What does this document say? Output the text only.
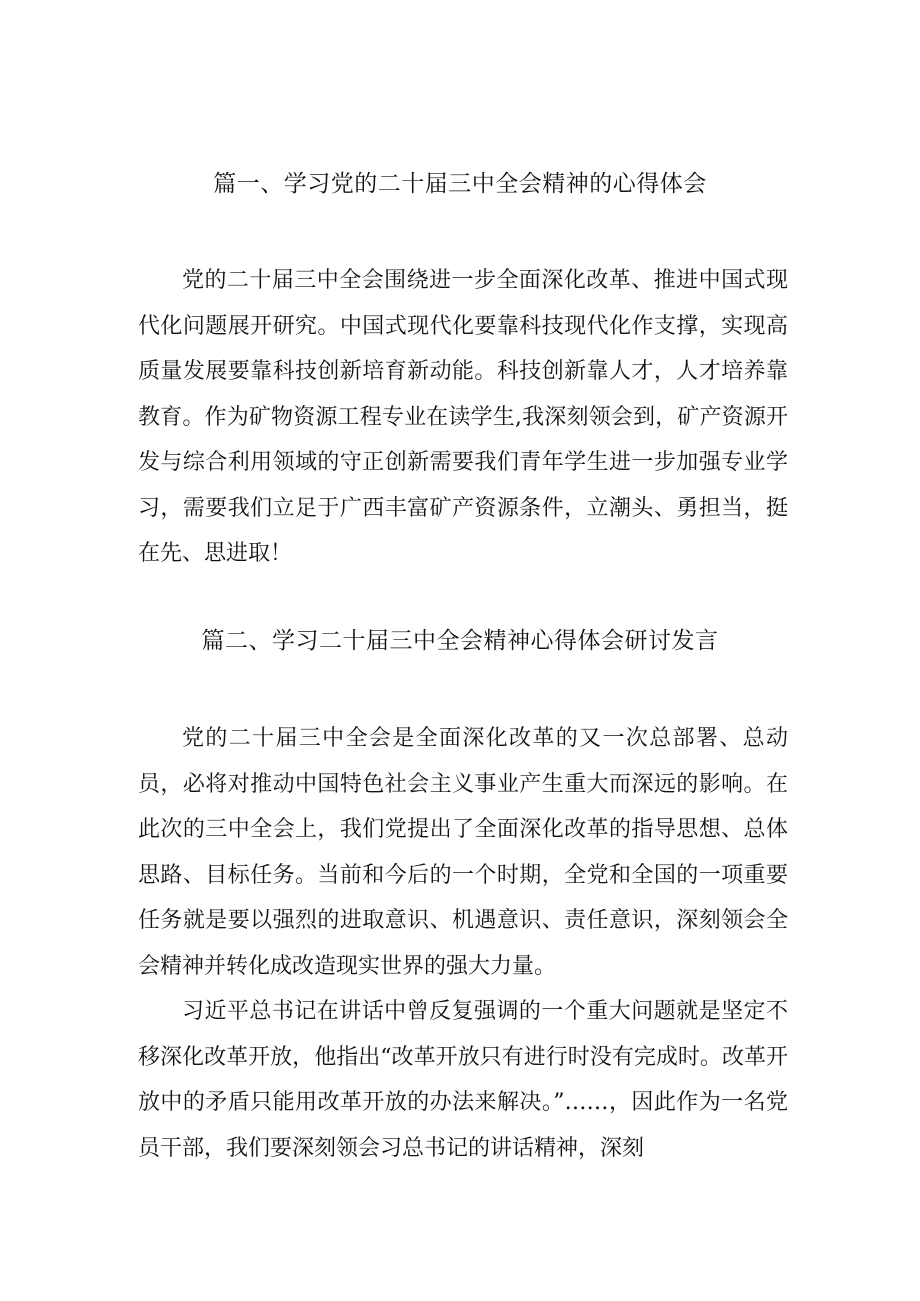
篇一、学习党的二十届三中全会精神的心得体会

党的二十届三中全会围绕进一步全面深化改革、推进中国式现代化问题展开研究。中国式现代化要靠科技现代化作支撑，实现高质量发展要靠科技创新培育新动能。科技创新靠人才，人才培养靠教育。作为矿物资源工程专业在读学生,我深刻领会到，矿产资源开发与综合利用领域的守正创新需要我们青年学生进一步加强专业学习，需要我们立足于广西丰富矿产资源条件，立潮头、勇担当，挺在先、思进取！

篇二、学习二十届三中全会精神心得体会研讨发言

党的二十届三中全会是全面深化改革的又一次总部署、总动员，必将对推动中国特色社会主义事业产生重大而深远的影响。在此次的三中全会上，我们党提出了全面深化改革的指导思想、总体思路、目标任务。当前和今后的一个时期，全党和全国的一项重要任务就是要以强烈的进取意识、机遇意识、责任意识，深刻领会全会精神并转化成改造现实世界的强大力量。

习近平总书记在讲话中曾反复强调的一个重大问题就是坚定不移深化改革开放，他指出“改革开放只有进行时没有完成时。改革开放中的矛盾只能用改革开放的办法来解决。”……，因此作为一名党员干部，我们要深刻领会习总书记的讲话精神，深刻
